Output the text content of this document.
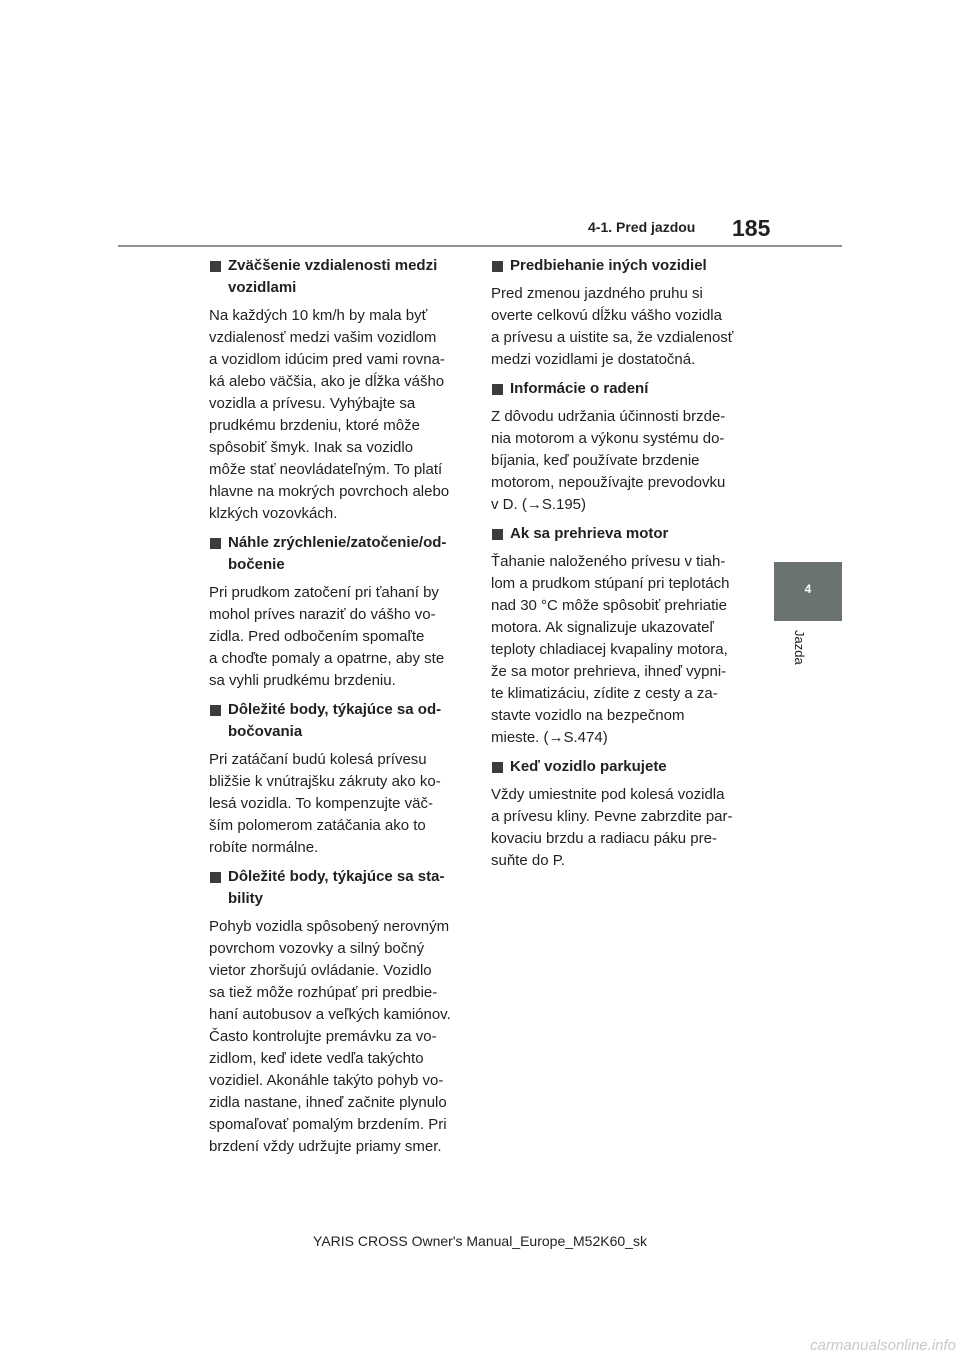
4-1. Pred jazdou 185
4
Jazda
Zväčšenie vzdialenosti medzi
vozidlami

Na každých 10 km/h by mala byť
vzdialenosť medzi vašim vozidlom
a vozidlom idúcim pred vami rovna-
ká alebo väčšia, ako je dĺžka vášho
vozidla a prívesu. Vyhýbajte sa
prudkému brzdeniu, ktoré môže
spôsobiť šmyk. Inak sa vozidlo
môže stať neovládateľným. To platí
hlavne na mokrých povrchoch alebo
klzkých vozovkách.

Náhle zrýchlenie/zatočenie/od-
bočenie

Pri prudkom zatočení pri ťahaní by
mohol príves naraziť do vášho vo-
zidla. Pred odbočením spomaľte
a choďte pomaly a opatrne, aby ste
sa vyhli prudkému brzdeniu.

Dôležité body, týkajúce sa od-
bočovania

Pri zatáčaní budú kolesá prívesu
bližšie k vnútrajšku zákruty ako ko-
lesá vozidla. To kompenzujte väč-
ším polomerom zatáčania ako to
robíte normálne.

Dôležité body, týkajúce sa sta-
bility

Pohyb vozidla spôsobený nerovným
povrchom vozovky a silný bočný
vietor zhoršujú ovládanie. Vozidlo
sa tiež môže rozhúpať pri predbie-
haní autobusov a veľkých kamiónov.
Často kontrolujte premávku za vo-
zidlom, keď idete vedľa takýchto
vozidiel. Akonáhle takýto pohyb vo-
zidla nastane, ihneď začnite plynulo
spomaľovať pomalým brzdením. Pri
brzdení vždy udržujte priamy smer.

Predbiehanie iných vozidiel

Pred zmenou jazdného pruhu si
overte celkovú dĺžku vášho vozidla
a prívesu a uistite sa, že vzdialenosť
medzi vozidlami je dostatočná.

Informácie o radení

Z dôvodu udržania účinnosti brzde-
nia motorom a výkonu systému do-
bíjania, keď používate brzdenie
motorom, nepoužívajte prevodovku
v D. (→S.195)

Ak sa prehrieva motor

Ťahanie naloženého prívesu v tiah-
lom a prudkom stúpaní pri teplotách
nad 30 °C môže spôsobiť prehriatie
motora. Ak signalizuje ukazovateľ
teploty chladiacej kvapaliny motora,
že sa motor prehrieva, ihneď vypni-
te klimatizáciu, zídite z cesty a za-
stavte vozidlo na bezpečnom
mieste. (→S.474)

Keď vozidlo parkujete

Vždy umiestnite pod kolesá vozidla
a prívesu kliny. Pevne zabrzdite par-
kovaciu brzdu a radiacu páku pre-
suňte do P.

YARIS CROSS Owner's Manual_Europe_M52K60_sk
carmanualsonline.info
